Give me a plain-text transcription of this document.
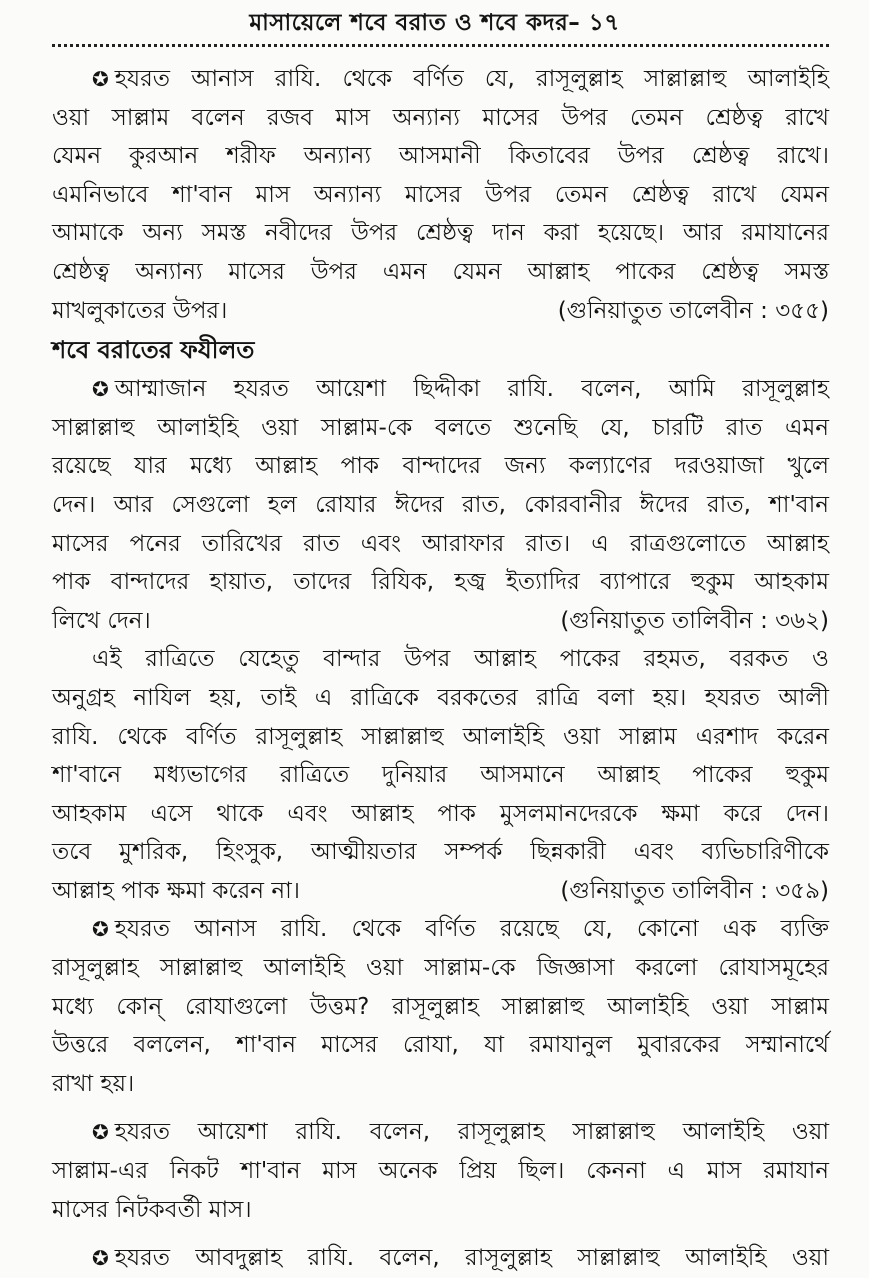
মাসায়েলে শবে বরাত ও শবে কদর– ১৭
✪ হযরত আনাস রাযি. থেকে বর্ণিত যে, রাসূলুল্লাহ সাল্লাল্লাহু আলাইহি
ওয়া সাল্লাম বলেন রজব মাস অন্যান্য মাসের উপর তেমন শ্রেষ্ঠত্ব রাখে
যেমন কুরআন শরীফ অন্যান্য আসমানী কিতাবের উপর শ্রেষ্ঠত্ব রাখে।
এমনিভাবে শা'বান মাস অন্যান্য মাসের উপর তেমন শ্রেষ্ঠত্ব রাখে যেমন
আমাকে অন্য সমস্ত নবীদের উপর শ্রেষ্ঠত্ব দান করা হয়েছে। আর রমাযানের
শ্রেষ্ঠত্ব অন্যান্য মাসের উপর এমন যেমন আল্লাহ পাকের শ্রেষ্ঠত্ব সমস্ত
মাখলুকাতের উপর।	(গুনিয়াতুত তালেবীন : ৩৫৫)
শবে বরাতের ফযীলত
✪ আম্মাজান হযরত আয়েশা ছিদ্দীকা রাযি. বলেন, আমি রাসূলুল্লাহ
সাল্লাল্লাহু আলাইহি ওয়া সাল্লাম-কে বলতে শুনেছি যে, চারটি রাত এমন
রয়েছে যার মধ্যে আল্লাহ পাক বান্দাদের জন্য কল্যাণের দরওয়াজা খুলে
দেন। আর সেগুলো হল রোযার ঈদের রাত, কোরবানীর ঈদের রাত, শা'বান
মাসের পনের তারিখের রাত এবং আরাফার রাত। এ রাত্রগুলোতে আল্লাহ
পাক বান্দাদের হায়াত, তাদের রিযিক, হজ্ব ইত্যাদির ব্যাপারে হুকুম আহকাম
লিখে দেন।	(গুনিয়াতুত তালিবীন : ৩৬২)
এই রাত্রিতে যেহেতু বান্দার উপর আল্লাহ পাকের রহমত, বরকত ও
অনুগ্রহ নাযিল হয়, তাই এ রাত্রিকে বরকতের রাত্রি বলা হয়। হযরত আলী
রাযি. থেকে বর্ণিত রাসূলুল্লাহ সাল্লাল্লাহু আলাইহি ওয়া সাল্লাম এরশাদ করেন
শা'বানে মধ্যভাগের রাত্রিতে দুনিয়ার আসমানে আল্লাহ পাকের হুকুম
আহকাম এসে থাকে এবং আল্লাহ পাক মুসলমানদেরকে ক্ষমা করে দেন।
তবে মুশরিক, হিংসুক, আত্মীয়তার সম্পর্ক ছিন্নকারী এবং ব্যভিচারিণীকে
আল্লাহ পাক ক্ষমা করেন না।	(গুনিয়াতুত তালিবীন : ৩৫৯)
✪ হযরত আনাস রাযি. থেকে বর্ণিত রয়েছে যে, কোনো এক ব্যক্তি
রাসূলুল্লাহ সাল্লাল্লাহু আলাইহি ওয়া সাল্লাম-কে জিজ্ঞাসা করলো রোযাসমূহের
মধ্যে কোন্ রোযাগুলো উত্তম? রাসূলুল্লাহ সাল্লাল্লাহু আলাইহি ওয়া সাল্লাম
উত্তরে বললেন, শা'বান মাসের রোযা, যা রমাযানুল মুবারকের সম্মানার্থে
রাখা হয়।
✪ হযরত আয়েশা রাযি. বলেন, রাসূলুল্লাহ সাল্লাল্লাহু আলাইহি ওয়া
সাল্লাম-এর নিকট শা'বান মাস অনেক প্রিয় ছিল। কেননা এ মাস রমাযান
মাসের নিটকবর্তী মাস।
✪ হযরত আবদুল্লাহ রাযি. বলেন, রাসূলুল্লাহ সাল্লাল্লাহু আলাইহি ওয়া
